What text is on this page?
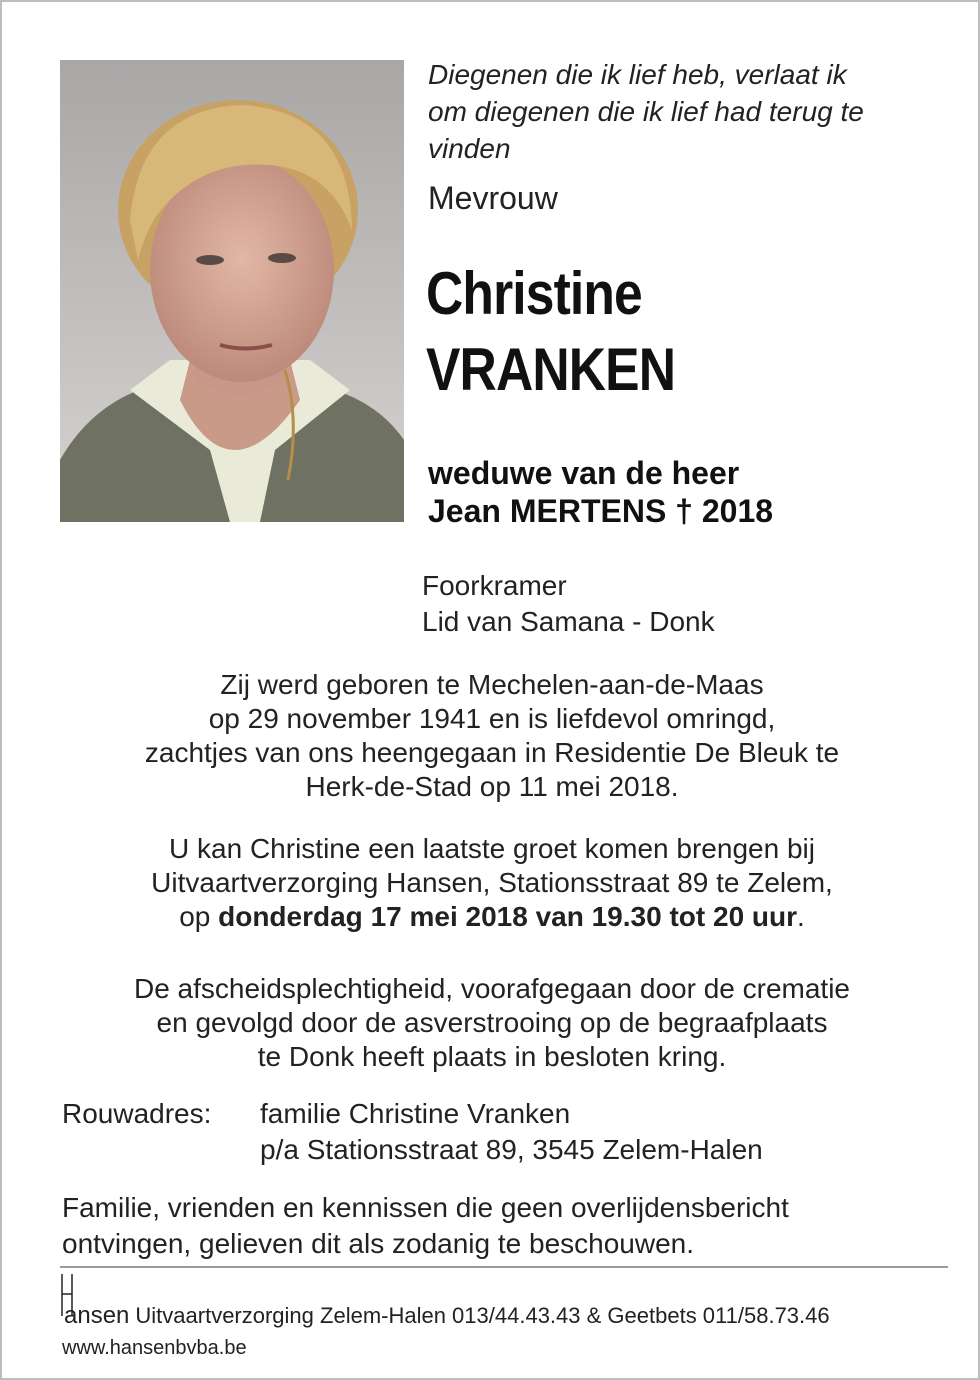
Diegenen die ik lief heb, verlaat ik
om diegenen die ik lief had terug te
vinden
Mevrouw
Christine
VRANKEN
weduwe van de heer
Jean MERTENS † 2018
Foorkramer
Lid van Samana - Donk
Zij werd geboren te Mechelen-aan-de-Maas
op 29 november 1941 en is liefdevol omringd,
zachtjes van ons heengegaan in Residentie De Bleuk te
Herk-de-Stad op 11 mei 2018.
U kan Christine een laatste groet komen brengen bij
Uitvaartverzorging Hansen, Stationsstraat 89 te Zelem,
op donderdag 17 mei 2018 van 19.30 tot 20 uur.
De afscheidsplechtigheid, voorafgegaan door de crematie
en gevolgd door de asverstrooing op de begraafplaats
te Donk heeft plaats in besloten kring.
Rouwadres: familie Christine Vranken
p/a Stationsstraat 89, 3545 Zelem-Halen
Familie, vrienden en kennissen die geen overlijdensbericht
ontvingen, gelieven dit als zodanig te beschouwen.
ansen Uitvaartverzorging Zelem-Halen 013/44.43.43 & Geetbets 011/58.73.46
www.hansenbvba.be
